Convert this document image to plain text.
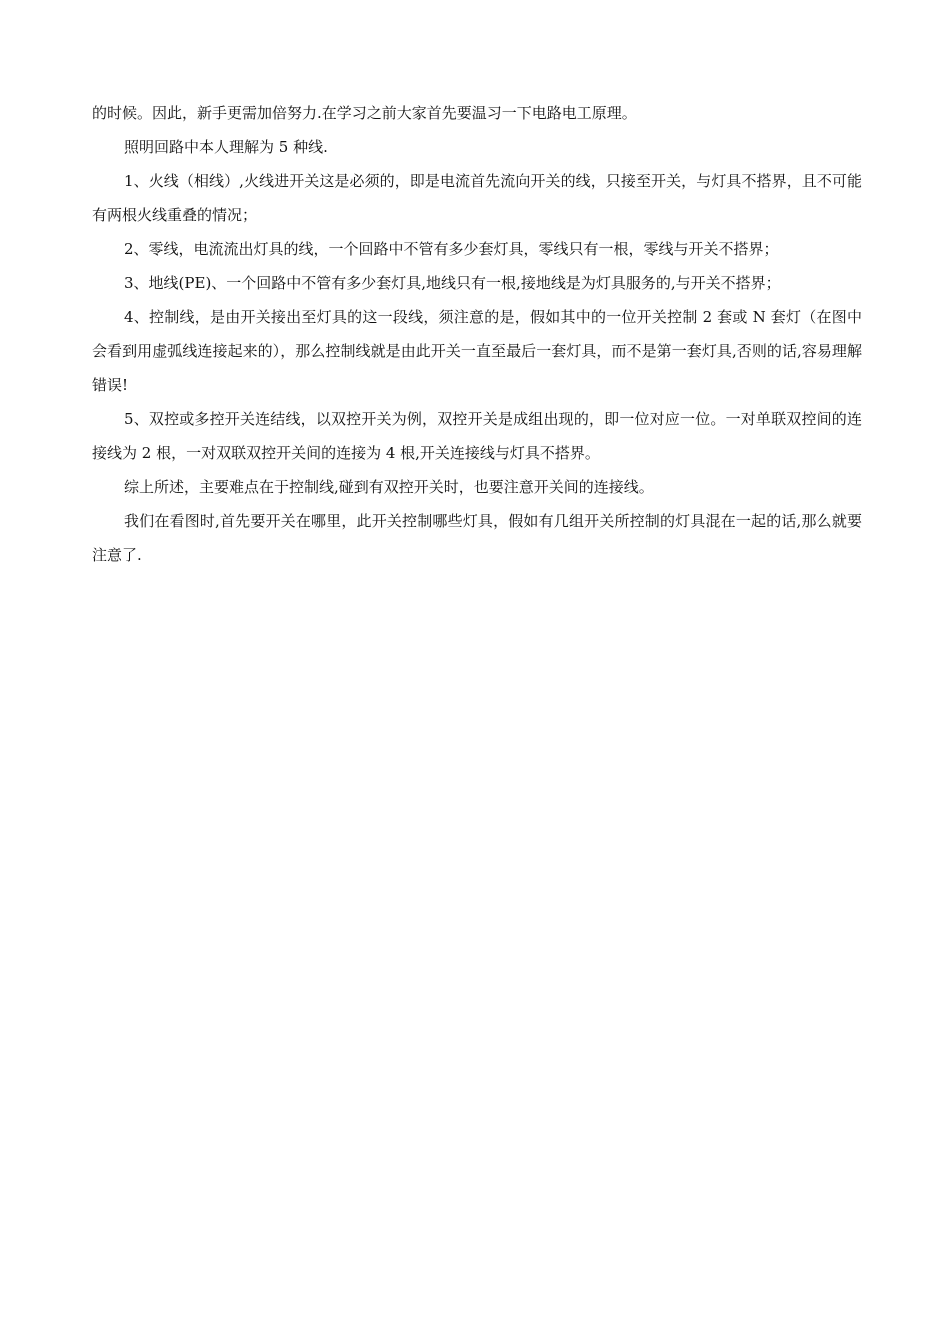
的时候。因此，新手更需加倍努力.在学习之前大家首先要温习一下电路电工原理。

照明回路中本人理解为 5 种线.

1、火线（相线）,火线进开关这是必须的，即是电流首先流向开关的线，只接至开关，与灯具不搭界，且不可能有两根火线重叠的情况；

2、零线，电流流出灯具的线，一个回路中不管有多少套灯具，零线只有一根，零线与开关不搭界；

3、地线(PE)、一个回路中不管有多少套灯具,地线只有一根,接地线是为灯具服务的,与开关不搭界；

4、控制线，是由开关接出至灯具的这一段线，须注意的是，假如其中的一位开关控制 2 套或 N 套灯（在图中会看到用虚弧线连接起来的），那么控制线就是由此开关一直至最后一套灯具，而不是第一套灯具,否则的话,容易理解错误!

5、双控或多控开关连结线，以双控开关为例，双控开关是成组出现的，即一位对应一位。一对单联双控间的连接线为 2 根，一对双联双控开关间的连接为 4 根,开关连接线与灯具不搭界。

综上所述，主要难点在于控制线,碰到有双控开关时，也要注意开关间的连接线。

我们在看图时,首先要开关在哪里，此开关控制哪些灯具，假如有几组开关所控制的灯具混在一起的话,那么就要注意了.
